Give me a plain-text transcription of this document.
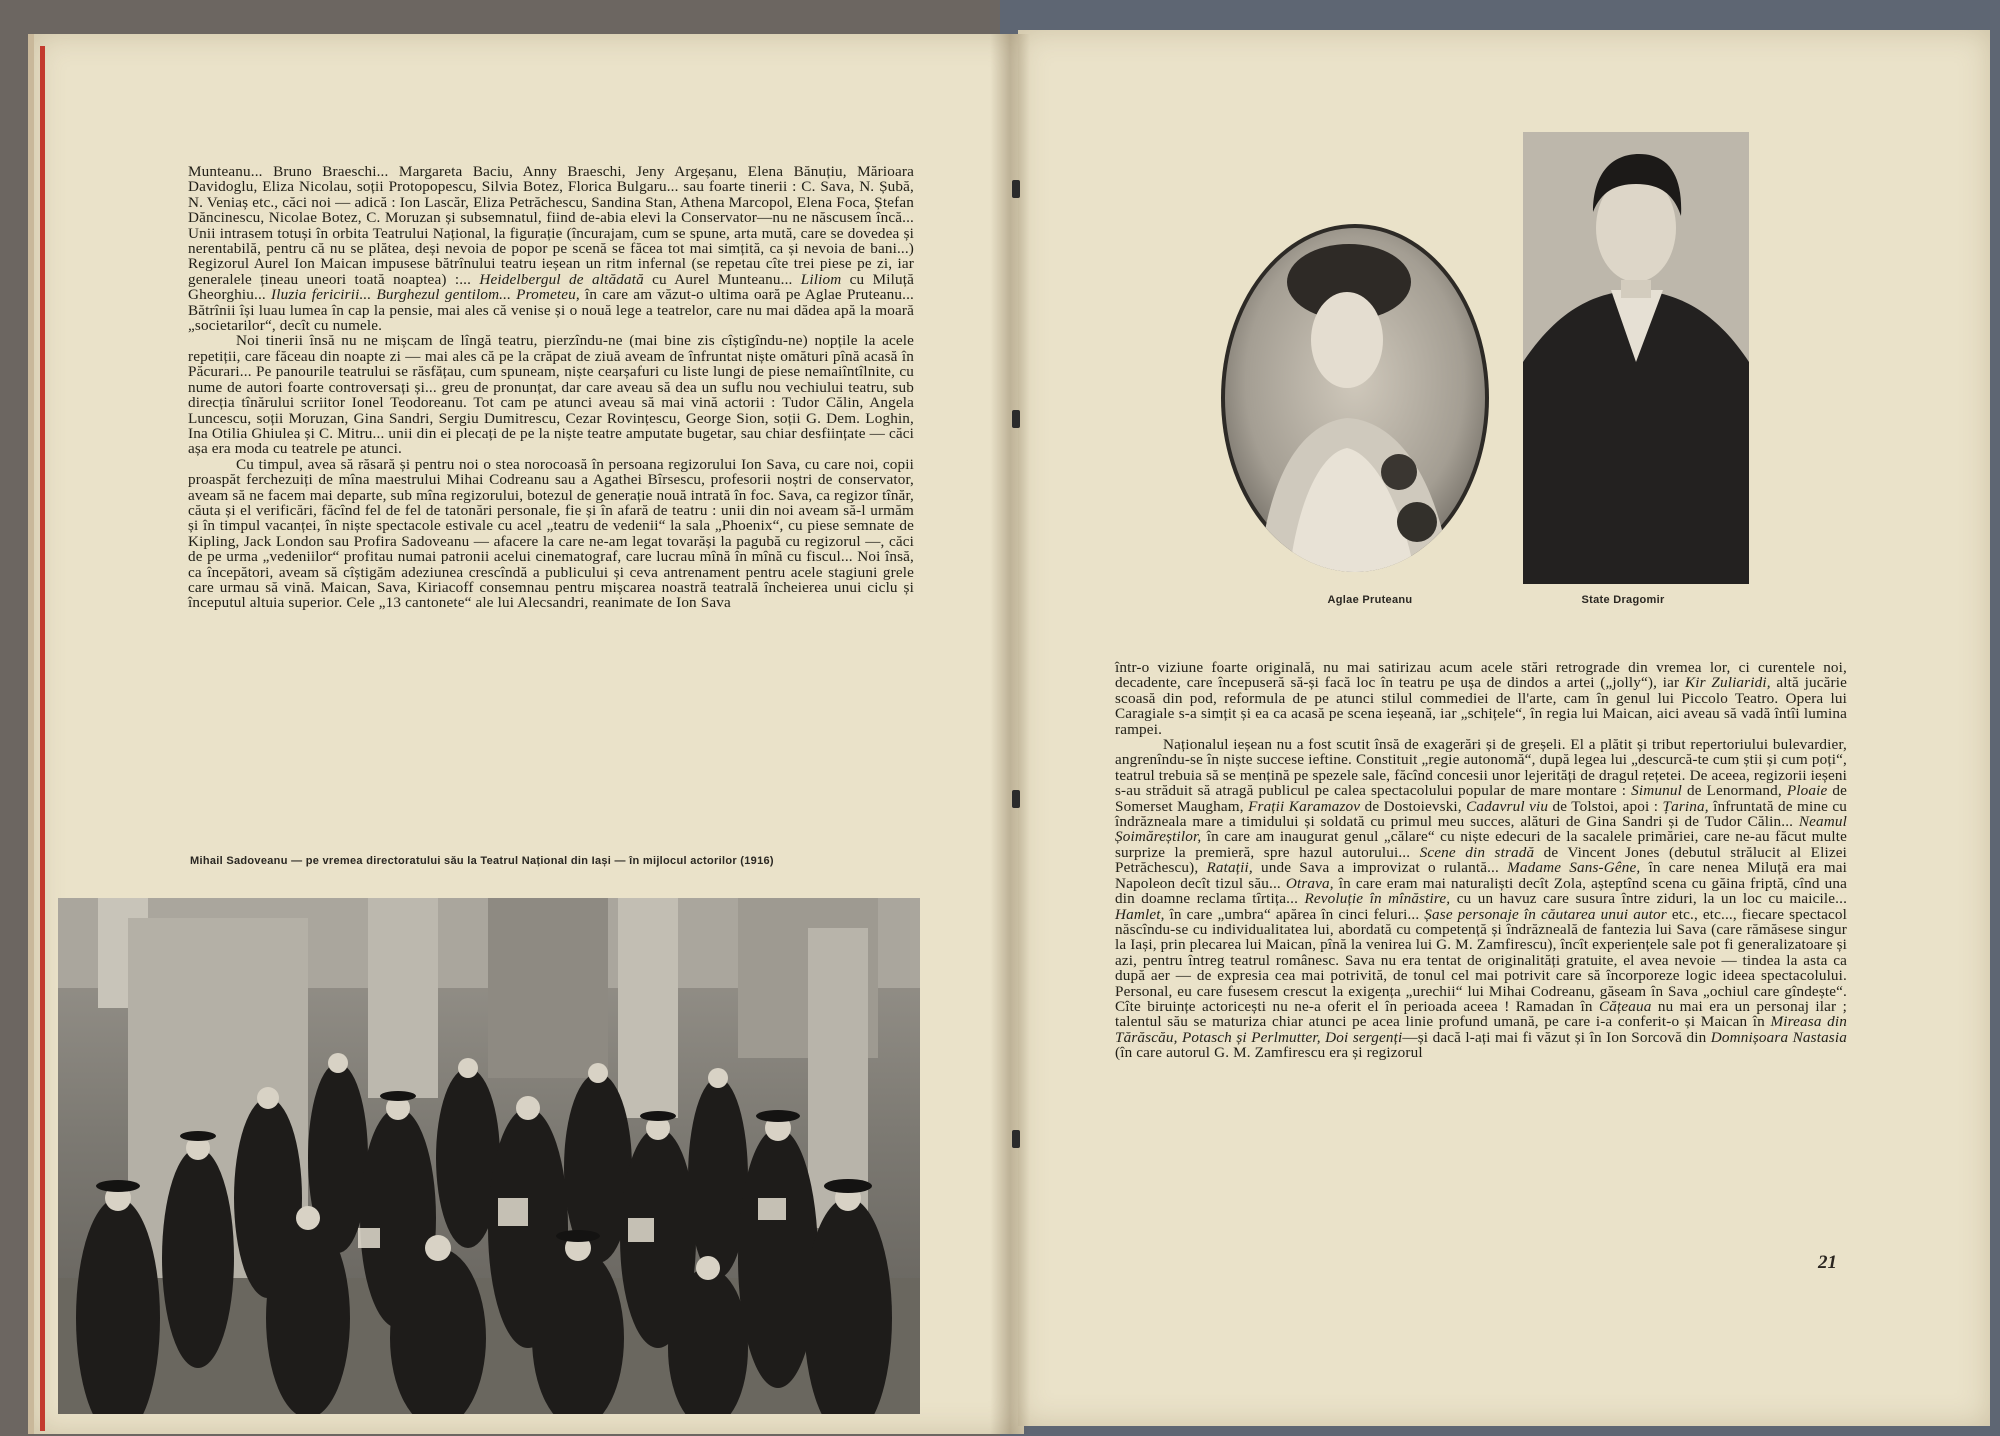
Munteanu... Bruno Braeschi... Margareta Baciu, Anny Braeschi, Jeny Argeșanu, Elena Bănuțiu, Mărioara Davidoglu, Eliza Nicolau, soții Protopopescu, Silvia Botez, Florica Bulgaru... sau foarte tinerii : C. Sava, N. Șubă, N. Veniaș etc., căci noi — adică : Ion Lascăr, Eliza Petrăchescu, Sandina Stan, Athena Marcopol, Elena Foca, Ștefan Dăncinescu, Nicolae Botez, C. Moruzan și subsemnatul, fiind de-abia elevi la Conservator—nu ne născusem încă... Unii intrasem totuși în orbita Teatrului Național, la figurație (încurajam, cum se spune, arta mută, care se dovedea și nerentabilă, pentru că nu se plătea, deși nevoia de popor pe scenă se făcea tot mai simțită, ca și nevoia de bani...) Regizorul Aurel Ion Maican impusese bătrînului teatru ieșean un ritm infernal (se repetau cîte trei piese pe zi, iar generalele țineau uneori toată noaptea) :... Heidelbergul de altădată cu Aurel Munteanu... Liliom cu Miluță Gheorghiu... Iluzia fericirii... Burghezul gentilom... Prometeu, în care am văzut-o ultima oară pe Aglae Pruteanu... Bătrînii își luau lumea în cap la pensie, mai ales că venise și o nouă lege a teatrelor, care nu mai dădea apă la moară „societarilor“, decît cu numele.

Noi tinerii însă nu ne mișcam de lîngă teatru, pierzîndu-ne (mai bine zis cîștigîndu-ne) nopțile la acele repetiții, care făceau din noapte zi — mai ales că pe la crăpat de ziuă aveam de înfruntat niște omături pînă acasă în Păcurari... Pe panourile teatrului se răsfățau, cum spuneam, niște cearșafuri cu liste lungi de piese nemaiîntîlnite, cu nume de autori foarte controversați și... greu de pronunțat, dar care aveau să dea un suflu nou vechiului teatru, sub direcția tînărului scriitor Ionel Teodoreanu. Tot cam pe atunci aveau să mai vină actorii : Tudor Călin, Angela Luncescu, soții Moruzan, Gina Sandri, Sergiu Dumitrescu, Cezar Rovințescu, George Sion, soții G. Dem. Loghin, Ina Otilia Ghiulea și C. Mitru... unii din ei plecați de pe la niște teatre amputate bugetar, sau chiar desființate — căci așa era moda cu teatrele pe atunci.

Cu timpul, avea să răsară și pentru noi o stea norocoasă în persoana regizorului Ion Sava, cu care noi, copii proaspăt ferchezuiți de mîna maestrului Mihai Codreanu sau a Agathei Bîrsescu, profesorii noștri de conservator, aveam să ne facem mai departe, sub mîna regizorului, botezul de generație nouă intrată în foc. Sava, ca regizor tînăr, căuta și el verificări, făcînd fel de fel de tatonări personale, fie și în afară de teatru : unii din noi aveam să-l urmăm și în timpul vacanței, în niște spectacole estivale cu acel „teatru de vedenii“ la sala „Phoenix“, cu piese semnate de Kipling, Jack London sau Profira Sadoveanu — afacere la care ne-am legat tovarăși la pagubă cu regizorul —, căci de pe urma „vedeniilor“ profitau numai patronii acelui cinematograf, care lucrau mînă în mînă cu fiscul... Noi însă, ca începători, aveam să cîștigăm adeziunea crescîndă a publicului și ceva antrenament pentru acele stagiuni grele care urmau să vină. Maican, Sava, Kiriacoff consemnau pentru mișcarea noastră teatrală încheierea unui ciclu și începutul altuia superior. Cele „13 cantonete“ ale lui Alecsandri, reanimate de Ion Sava

Mihail Sadoveanu — pe vremea directoratului său la Teatrul Național din Iași — în mijlocul actorilor (1916)
Aglae Pruteanu	State Dragomir

într-o viziune foarte originală, nu mai satirizau acum acele stări retrograde din vremea lor, ci curentele noi, decadente, care începuseră să-și facă loc în teatru pe ușa de dindos a artei („jolly“), iar Kir Zuliaridi, altă jucărie scoasă din pod, reformula de pe atunci stilul commediei de ll'arte, cam în genul lui Piccolo Teatro. Opera lui Caragiale s-a simțit și ea ca acasă pe scena ieșeană, iar „schițele“, în regia lui Maican, aici aveau să vadă întîi lumina rampei.

Naționalul ieșean nu a fost scutit însă de exagerări și de greșeli. El a plătit și tribut repertoriului bulevardier, angrenîndu-se în niște succese ieftine. Constituit „regie autonomă“, după legea lui „descurcă-te cum știi și cum poți“, teatrul trebuia să se mențină pe spezele sale, făcînd concesii unor lejerități de dragul rețetei. De aceea, regizorii ieșeni s-au străduit să atragă publicul pe calea spectacolului popular de mare montare : Simunul de Lenormand, Ploaie de Somerset Maugham, Frații Karamazov de Dostoievski, Cadavrul viu de Tolstoi, apoi : Țarina, înfruntată de mine cu îndrăzneala mare a timidului și soldată cu primul meu succes, alături de Gina Sandri și de Tudor Călin... Neamul Șoimăreștilor, în care am inaugurat genul „călare“ cu niște edecuri de la sacalele primăriei, care ne-au făcut multe surprize la premieră, spre hazul autorului... Scene din stradă de Vincent Jones (debutul strălucit al Elizei Petrăchescu), Ratații, unde Sava a improvizat o rulantă... Madame Sans-Gêne, în care nenea Miluță era mai Napoleon decît tizul său... Otrava, în care eram mai naturaliști decît Zola, așteptînd scena cu găina friptă, cînd una din doamne reclama tîrtița... Revoluție în mînăstire, cu un havuz care susura între ziduri, la un loc cu maicile... Hamlet, în care „umbra“ apărea în cinci feluri... Șase personaje în căutarea unui autor etc., etc..., fiecare spectacol născîndu-se cu individualitatea lui, abordată cu competență și îndrăzneală de fantezia lui Sava (care rămăsese singur la Iași, prin plecarea lui Maican, pînă la venirea lui G. M. Zamfirescu), încît experiențele sale pot fi generalizatoare și azi, pentru întreg teatrul românesc. Sava nu era tentat de originalități gratuite, el avea nevoie — tindea la asta ca după aer — de expresia cea mai potrivită, de tonul cel mai potrivit care să încorporeze logic ideea spectacolului. Personal, eu care fusesem crescut la exigența „urechii“ lui Mihai Codreanu, găseam în Sava „ochiul care gîndește“. Cîte biruințe actoricești nu ne-a oferit el în perioada aceea ! Ramadan în Cățeaua nu mai era un personaj ilar ; talentul său se maturiza chiar atunci pe acea linie profund umană, pe care i-a conferit-o și Maican în Mireasa din Tărăscău, Potasch și Perlmutter, Doi sergenți—și dacă l-ați mai fi văzut și în Ion Sorcovă din Domnișoara Nastasia (în care autorul G. M. Zamfirescu era și regizorul

21
